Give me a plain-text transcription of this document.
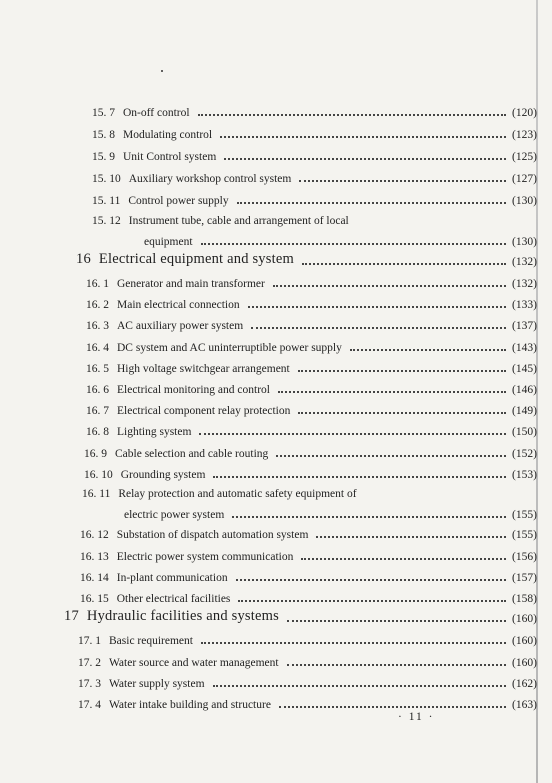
15. 7 On-off control	(120)
15. 8 Modulating control	(123)
15. 9 Unit Control system	(125)
15. 10 Auxiliary workshop control system	(127)
15. 11 Control power supply	(130)
15. 12 Instrument tube, cable and arrangement of local
equipment	(130)
16 Electrical equipment and system	(132)
16. 1 Generator and main transformer	(132)
16. 2 Main electrical connection	(133)
16. 3 AC auxiliary power system	(137)
16. 4 DC system and AC uninterruptible power supply	(143)
16. 5 High voltage switchgear arrangement	(145)
16. 6 Electrical monitoring and control	(146)
16. 7 Electrical component relay protection	(149)
16. 8 Lighting system	(150)
16. 9 Cable selection and cable routing	(152)
16. 10 Grounding system	(153)
16. 11 Relay protection and automatic safety equipment of
electric power system	(155)
16. 12 Substation of dispatch automation system	(155)
16. 13 Electric power system communication	(156)
16. 14 In-plant communication	(157)
16. 15 Other electrical facilities	(158)
17 Hydraulic facilities and systems	(160)
17. 1 Basic requirement	(160)
17. 2 Water source and water management	(160)
17. 3 Water supply system	(162)
17. 4 Water intake building and structure	(163)
· 11 ·
